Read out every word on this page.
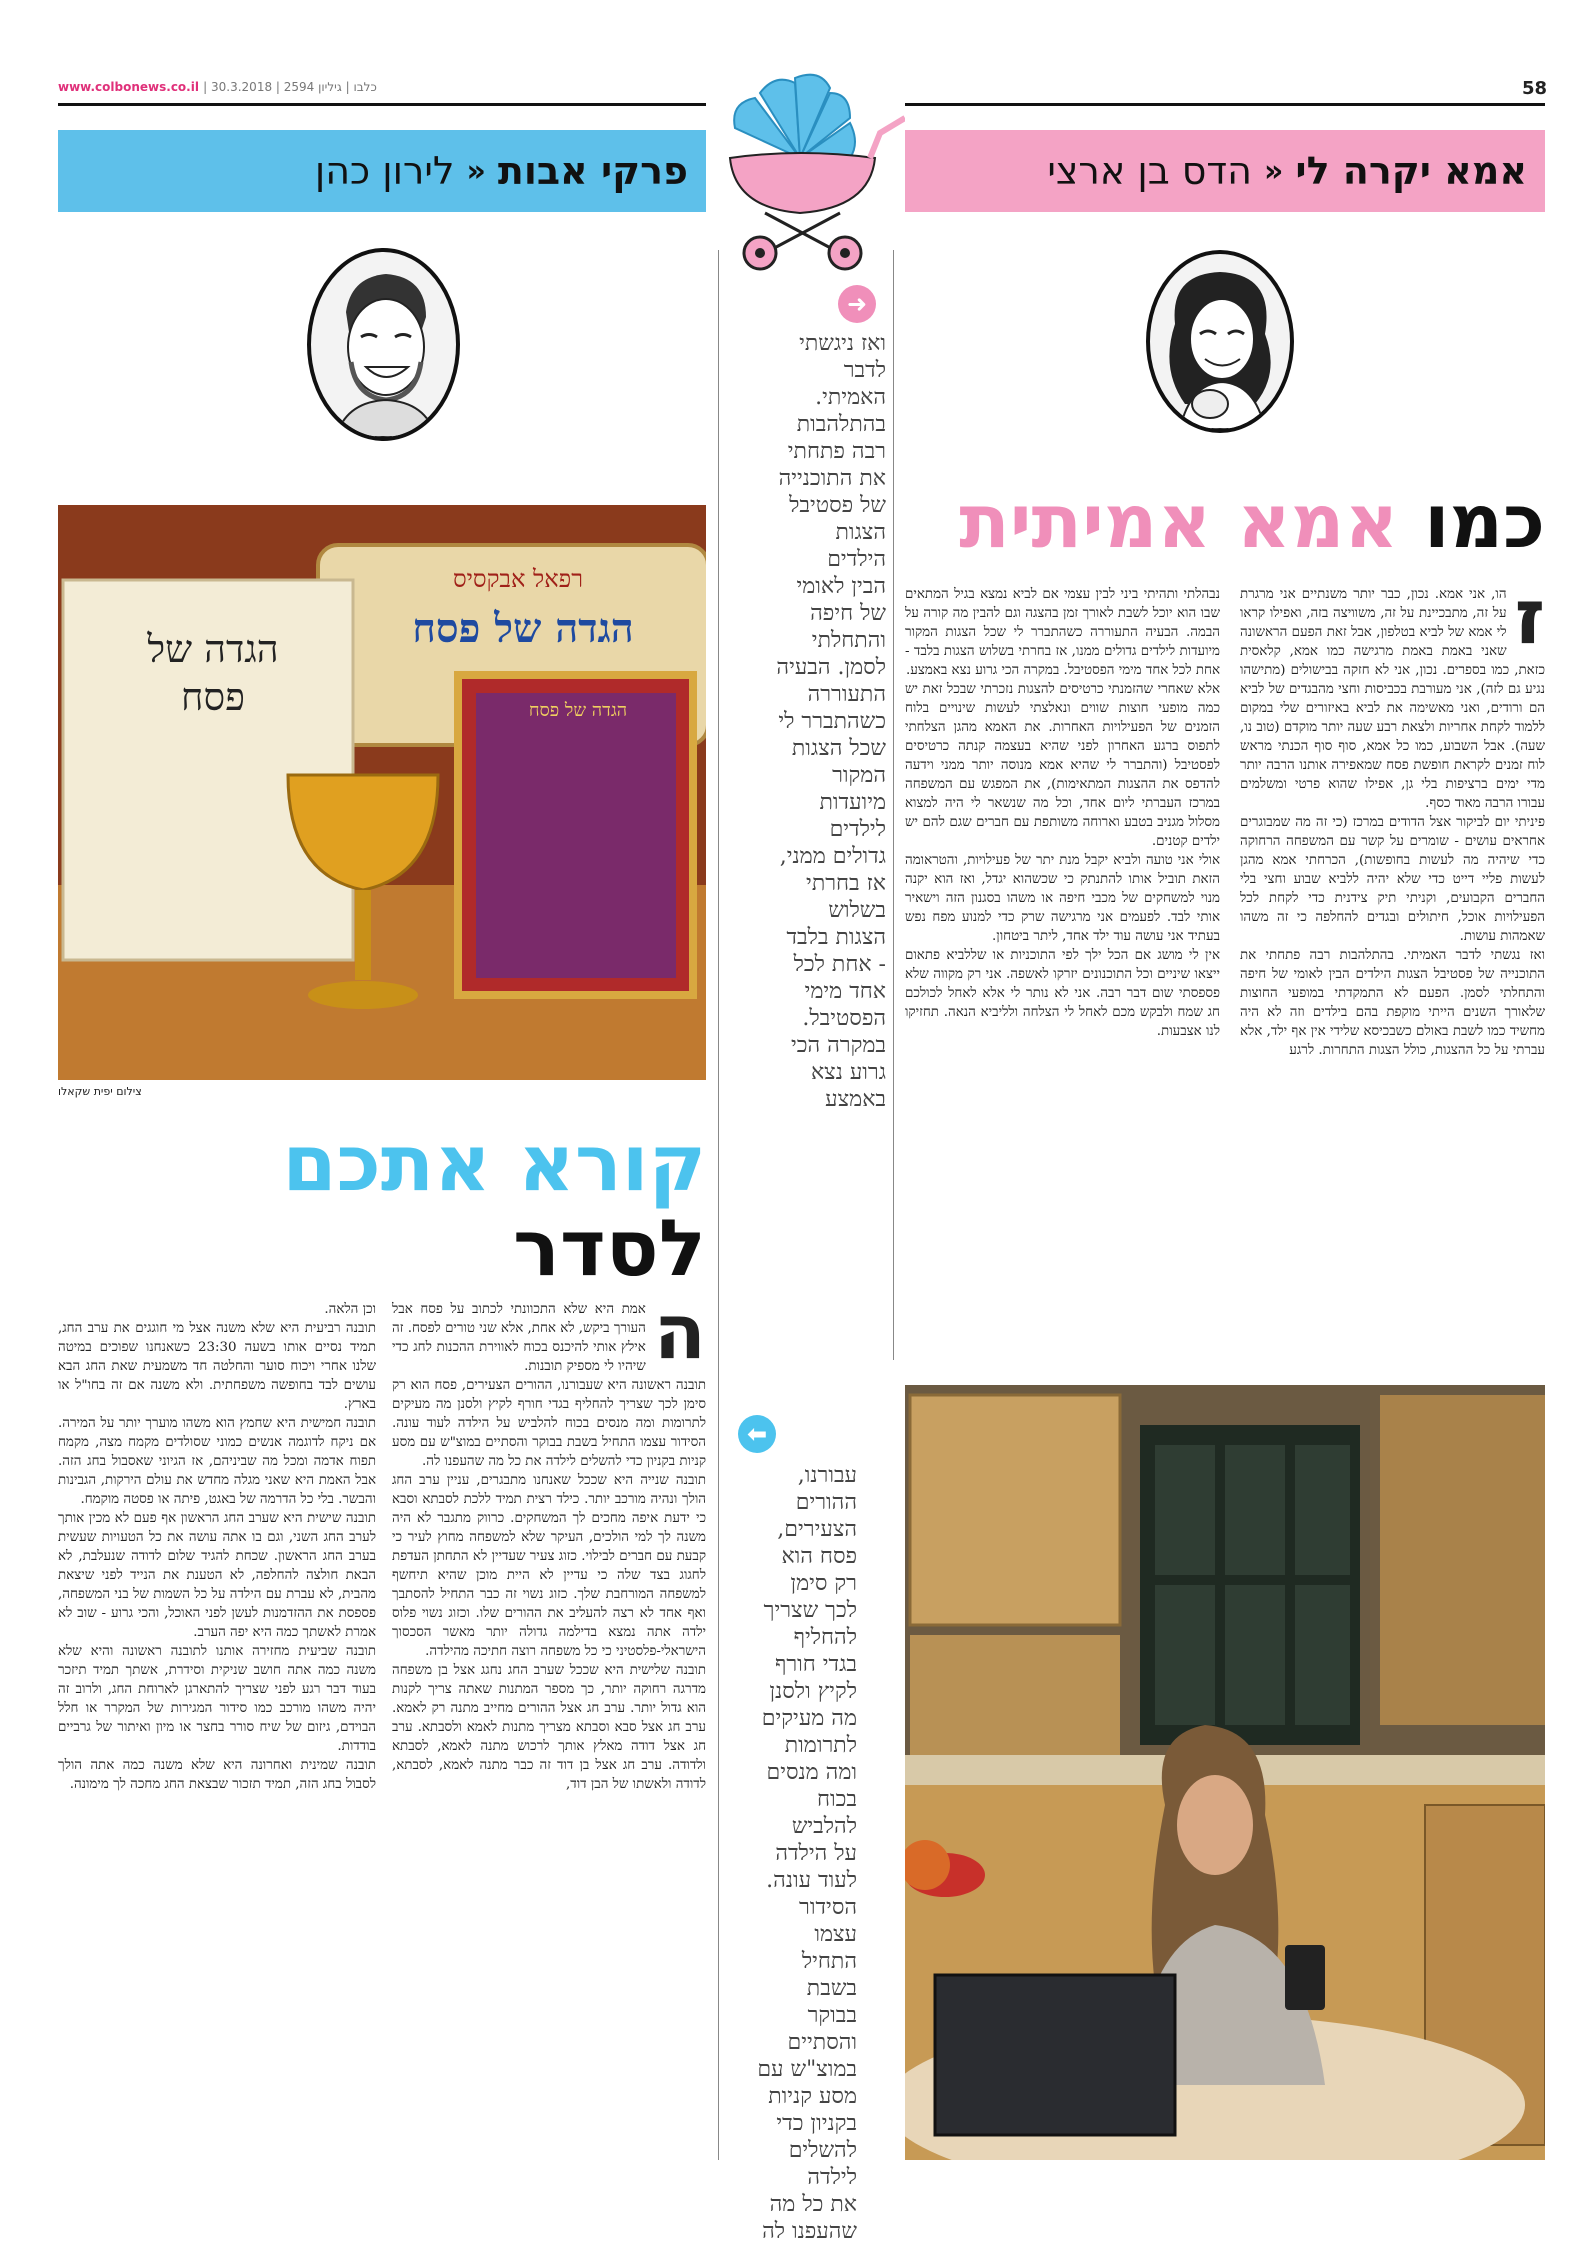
www.colbonews.co.il | כלבו | גיליון 2594 | 30.3.2018	58
אמא יקרה לי
«
הדס בן ארצי
כמו אמא אמיתית
ז
הו, אני אמא. נכון, כבר יותר משנתיים אני מרגרת על זה, מתבכיינת על זה, משוויצה בזה, ואפילו קראו לי אמא של לביא בטלפון, אבל זאת הפעם הראשונה שאני באמת באמת מרגישה כמו אמא, קלאסית כזאת, כמו בספרים. נכון, אני לא חזקה בבישולים (מתישהו נגיע גם לזה), אני מעורבת בכביסות וחצי מהבגדים של לביא הם ורודים, ואני מאשימה את לביא באיזורים שלי במקום ללמוד לקחת אחריות ולצאת רבע שעה יותר מוקדם (טוב נו, שעה). אבל השבוע, כמו כל אמא, סוף סוף הכנתי מראש לוח זמנים לקראת חופשת פסח שמאפירה אותנו הרבה יותר מדי ימים ברציפות בלי גן, אפילו שהוא פרטי ומשלמים עבורו הרבה מאוד כסף.
פיניתי יום לביקור אצל הדודים במרכז (כי זה מה שמבוגרים אחראים עושים - שומרים על קשר עם המשפחה הרחוקה כדי שיהיה מה לעשות בחופשות), הכרחתי אמא מהגן לעשות פליי דייט כדי שלא יהיה ללביא שבוע וחצי בלי החברים הקבועים, וקניתי תיק צידנית כדי לקחת לכל הפעילויות אוכל, חיתולים ובגדים להחלפה כי זה משהו שאמהות עושות.
ואז נגשתי לדבר האמיתי. בהתלהבות רבה פתחתי את התוכנייה של פסטיבל הצגות הילדים הבין לאומי של חיפה והתחלתי לסמן. הפעם לא התמקדתי במופעי החוצות שלאורך השנים הייתי מוקפת בהם בילדים וזה לא היה מחשיד כמו לשבת באולם כשבכיסא שלידי אין אף ילד, אלא עברתי על כל ההצגות, כולל הצגות התחרות. לרגע
נבהלתי ותהיתי ביני לבין עצמי אם לביא נמצא בגיל המתאים שבו הוא יוכל לשבת לאורך זמן בהצגה וגם להבין מה קורה על הבמה. הבעיה התעוררה כשהתברר לי שכל הצגות המקור מיועדות לילדים גדולים ממנו, אז בחרתי בשלוש הצגות בלבד - אחת לכל אחד מימי הפסטיבל. במקרה הכי גרוע נצא באמצע.
אלא שאחרי שהזמנתי כרטיסים להצגות נזכרתי שבכל זאת יש כמה מופעי חוצות שווים ונאלצתי לעשות שינויים בלוח הזמנים של הפעילויות האחרות. את האמא מהגן הצלחתי לתפוס ברגע האחרון לפני שהיא בעצמה קנתה כרטיסים לפסטיבל (והתברר לי שהיא אמא מנוסה יותר ממני וידעה להדפס את ההצגות המתאימות), את המפגש עם המשפחה במרכז העברתי ליום אחד, וכל מה שנשאר לי היה למצוא מסלול מגניב בטבע וארוחה משותפת עם חברים שגם להם יש ילדים קטנים.
אולי אני טועה ולביא יקבל מנת יתר של פעילויות, והטראומה הזאת תוביל אותו להתנתק כי שכשהוא יגדל, ואז הוא יקנה מנוי למשחקים של מכבי חיפה או משהו בסגנון הזה וישאיר אותי לבד. לפעמים אני מרגישה שרק כדי למנוע מפח נפש בעתיד אני עושה עוד ילד אחד, ליתר ביטחון.
אין לי מושג אם הכל ילך לפי התוכניות או שללביא פתאום ייצאו שיניים וכל התוכנונים יזרקו לאשפה. אני רק מקווה שלא פספסתי שום דבר רבה. אני לא נותר לי אלא לאחל לכולכם חג שמח ולבקש מכם לאחל לי הצלחה ולליביא הנאה. תחזיקו לנו אצבעות.
➜
ואז ניגשתי
לדבר
האמיתי.
בהתלהבות
רבה פתחתי
את התוכנייה
של פסטיבל
הצגות
הילדים
הבין לאומי
של חיפה
והתחלתי
לסמן. הבעיה
התעוררה
כשהתברר לי
שכל הצגות
המקור
מיועדות
לילדים
גדולים ממני,
אז בחרתי
בשלוש
הצגות בלבד
- אחת לכל
אחד מימי
הפסטיבל.
במקרה הכי
גרוע נצא
באמצע
⬅
עבורנו,
ההורים
הצעירים,
פסח הוא
רק סימן
לכך שצריך
להחליף
בגדי חורף
לקיץ ולסנן
מה מעיקים
לתרומות
ומה מנסים
בכוח
להלביש
על הילדה
לעוד עונה.
הסידור
עצמו
התחיל
בשבת
בבוקר
והסתיים
במוצ"ש עם
מסע קניות
בקניון כדי
להשלים
לילדה
את כל מה
שהעפנו לה
פרקי אבות
«
לירון כהן
הגדה של
פסח
רפאל אבקסיס
הגדה של פסח
הגדה של פסח
צילום יפית שקאלו
קורא אתכם
לסדר
ה
אמת היא שלא התכוונתי לכתוב על פסח אבל העורך ביקש, לא אחת, אלא שני טורים לפסח. זה אילץ אותי להיכנס בכוח לאווירת ההכנות לחג כדי שיהיו לי מספיק תובנות.
תובנה ראשונה היא שעבורנו, ההורים הצעירים, פסח הוא רק סימן לכך שצריך להחליף בגדי חורף לקיץ ולסנן מה מעיקים לתרומות ומה מנסים בכוח להלביש על הילדה לעוד עונה. הסידור עצמו התחיל בשבת בבוקר והסתיים במוצ"ש עם מסע קניות בקניון כדי להשלים לילדה את כל מה שהעפנו לה.
תובנה שנייה היא שככל שאנחנו מתבגרים, עניין ערב החג הולך ונהיה מורכב יותר. כילד רצית תמיד ללכת לסבתא וסבא כי ידעת איפה מחכים לך המשחקים. כרווק מתגבר לא היה משנה לך למי הולכים, העיקר שלא למשפחה מחוץ לעיר כי קבעת עם חברים לבילוי. כזוג צעיר שעדיין לא התחתן העדפת לחגוג בצד שלה כי עדיין לא היית מוכן שהיא תיחשף למשפחה המורחבת שלך. כזוג נשוי זה כבר התחיל להסתבך ואף אחד לא רצה להעליב את ההורים שלו. וכזוג נשוי פלוס ילדה אתה נמצא בדילמה גדולה יותר מאשר הסכסוך הישראלי-פלסטיני כי כל משפחה רוצה חתיכה מהילדה.
תובנה שלישית היא שככל שערב החג נחגג אצל בן משפחה מדרגה רחוקה יותר, כך מספר המתנות שאתה צריך לקנות הוא גדול יותר. ערב חג אצל ההורים מחייב מתנה רק לאמא. ערב חג אצל סבא וסבתא מצריך מתנות לאמא ולסבתא. ערב חג אצל דודה מאלץ אותך לרכוש מתנה לאמא, לסבתא ולדודה. ערב חג אצל בן דוד זה כבר מתנה לאמא, לסבתא, לדודה ולאשתו של הבן דוד,
וכן הלאה.
תובנה רביעית היא שלא משנה אצל מי חוגגים את ערב החג, תמיד נסיים אותו בשעה 23:30 כשאנחנו שפוכים במיטה שלנו אחרי ויכוח סוער והחלטה חד משמעית שאת החג הבא עושים לבד בחופשה משפחתית. ולא משנה אם זה בחו"ל או בארץ.
תובנה חמישית היא שחמץ הוא משהו מוערך יותר על המירה. אם ניקח לדוגמה אנשים כמוני שסולדים מקמח מצה, מקמח תפוח אדמה ומכל מה שביניהם, אז הגיוני שאסבול בחג הזה. אבל האמת היא שאני מגלה מחדש את עולם הירקות, הגבינות והבשר. בלי כל הדרמה של באגט, פיתה או פסטה מוקמח.
תובנה שישית היא שערב החג הראשון אף פעם לא מכין אותך לערב החג השני, וגם בו אתה עושה את כל הטעויות שעשית בערב החג הראשון. שכחת להגיד שלום לדודה שנעלבת, לא הבאת חולצה להחלפה, לא הטענת את הנייד לפני שיצאת מהבית, לא עברת עם הילדה על כל השמות של בני המשפחה, פספסת את ההזדמנות לעשן לפני האוכל, והכי גרוע - שוב לא אמרת לאשתך כמה היא יפה הערב.
תובנה שביעית מחזירה אותנו לתובנה ראשונה והיא שלא משנה כמה אתה חושב שניקית וסידרת, אשתך תמיד תיזכר בעוד דבר רגע לפני שצריך להתארגן לארוחת החג, ולרוב זה יהיה משהו מורכב כמו סידור המגירות של המקרר או חלל הבוידם, גיזום של שיח סורר בחצר או מיון ואיתור של גרביים בודדות.
תובנה שמינית ואחרונה היא שלא משנה כמה אתה הולך לסבול בחג הזה, תמיד תזכור שבצאת החג מחכה לך מימונה.
